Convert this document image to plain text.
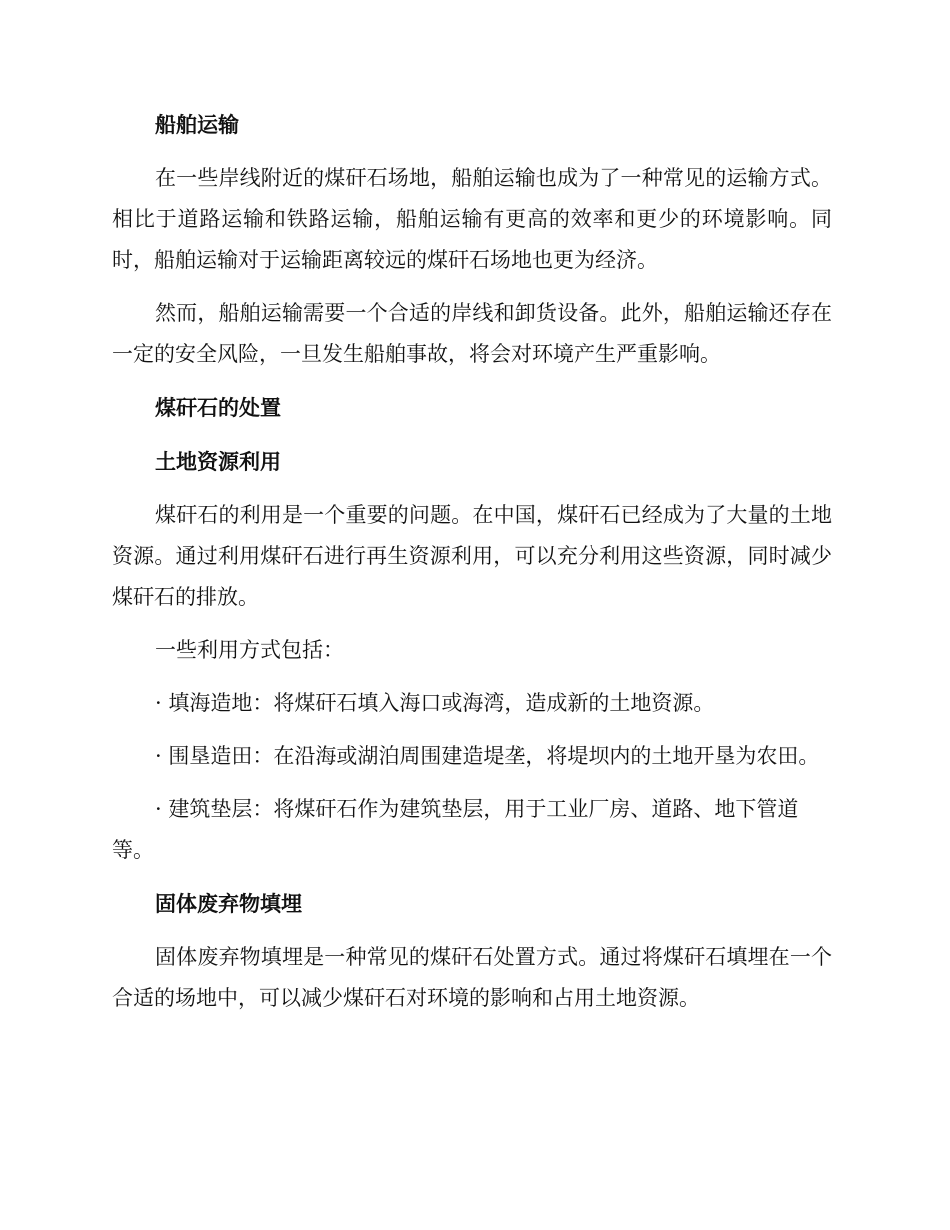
船舶运输
在一些岸线附近的煤矸石场地，船舶运输也成为了一种常见的运输方式。相比于道路运输和铁路运输，船舶运输有更高的效率和更少的环境影响。同时，船舶运输对于运输距离较远的煤矸石场地也更为经济。
然而，船舶运输需要一个合适的岸线和卸货设备。此外，船舶运输还存在一定的安全风险，一旦发生船舶事故，将会对环境产生严重影响。
煤矸石的处置
土地资源利用
煤矸石的利用是一个重要的问题。在中国，煤矸石已经成为了大量的土地资源。通过利用煤矸石进行再生资源利用，可以充分利用这些资源，同时减少煤矸石的排放。
一些利用方式包括：
· 填海造地：将煤矸石填入海口或海湾，造成新的土地资源。
· 围垦造田：在沿海或湖泊周围建造堤垄，将堤坝内的土地开垦为农田。
· 建筑垫层：将煤矸石作为建筑垫层，用于工业厂房、道路、地下管道等。
固体废弃物填埋
固体废弃物填埋是一种常见的煤矸石处置方式。通过将煤矸石填埋在一个合适的场地中，可以减少煤矸石对环境的影响和占用土地资源。
